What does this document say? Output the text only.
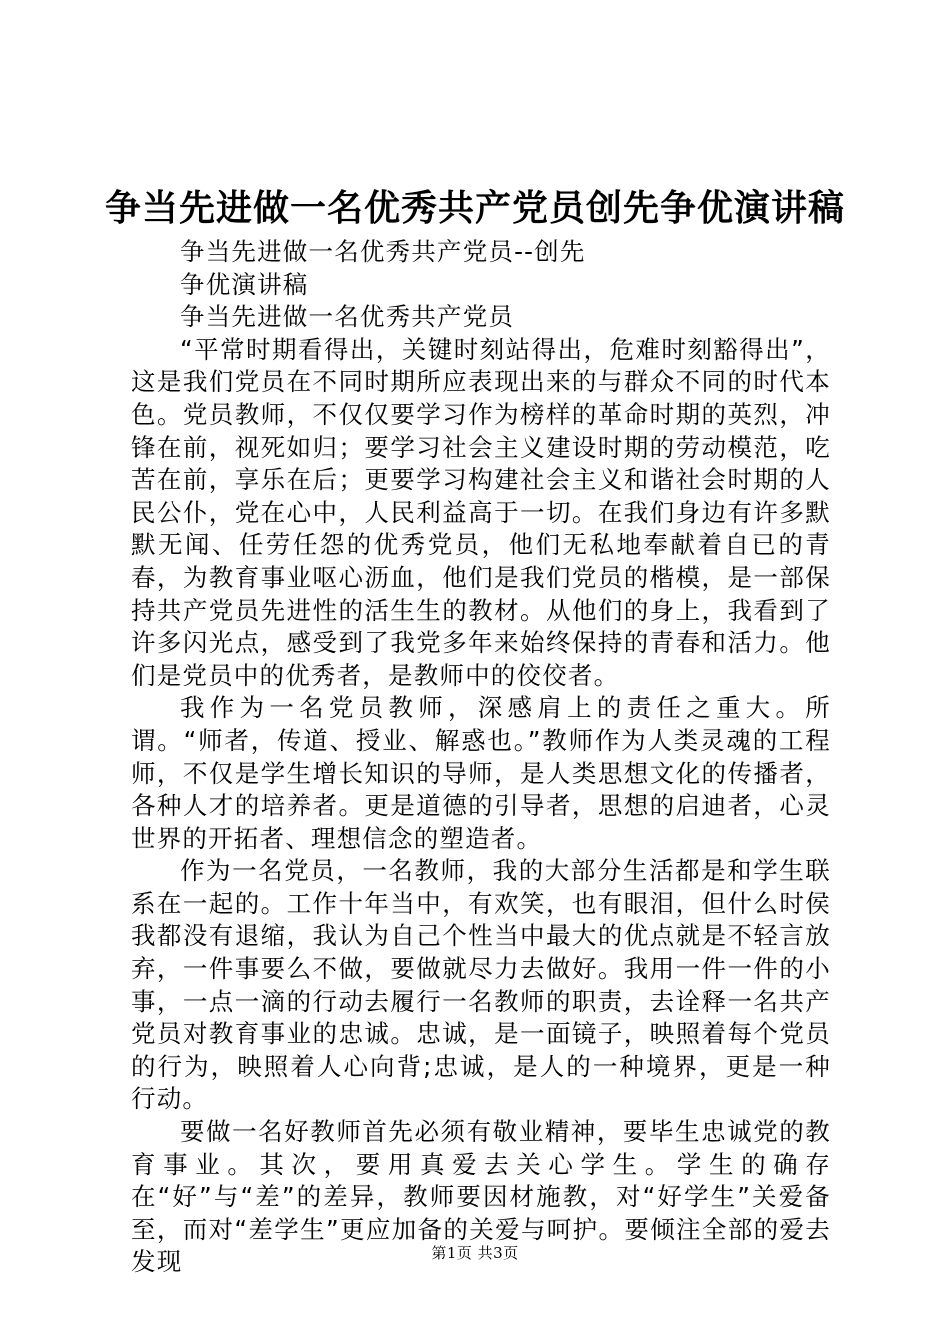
争当先进做一名优秀共产党员创先争优演讲稿

争当先进做一名优秀共产党员--创先

争优演讲稿

争当先进做一名优秀共产党员

“平常时期看得出，关键时刻站得出，危难时刻豁得出”，这是我们党员在不同时期所应表现出来的与群众不同的时代本色。党员教师，不仅仅要学习作为榜样的革命时期的英烈，冲锋在前，视死如归；要学习社会主义建设时期的劳动模范，吃苦在前，享乐在后；更要学习构建社会主义和谐社会时期的人民公仆，党在心中，人民利益高于一切。在我们身边有许多默默无闻、任劳任怨的优秀党员，他们无私地奉献着自已的青春，为教育事业呕心沥血，他们是我们党员的楷模，是一部保持共产党员先进性的活生生的教材。从他们的身上，我看到了许多闪光点，感受到了我党多年来始终保持的青春和活力。他们是党员中的优秀者，是教师中的佼佼者。

我作为一名党员教师，深感肩上的责任之重大。所谓。“师者，传道、授业、解惑也。”教师作为人类灵魂的工程师，不仅是学生增长知识的导师，是人类思想文化的传播者，各种人才的培养者。更是道德的引导者，思想的启迪者，心灵世界的开拓者、理想信念的塑造者。

作为一名党员，一名教师，我的大部分生活都是和学生联系在一起的。工作十年当中，有欢笑，也有眼泪，但什么时侯我都没有退缩，我认为自己个性当中最大的优点就是不轻言放弃，一件事要么不做，要做就尽力去做好。我用一件一件的小事，一点一滴的行动去履行一名教师的职责，去诠释一名共产党员对教育事业的忠诚。忠诚，是一面镜子，映照着每个党员的行为，映照着人心向背;忠诚，是人的一种境界，更是一种行动。

要做一名好教师首先必须有敬业精神，要毕生忠诚党的教育事业。其次，要用真爱去关心学生。学生的确存在“好”与“差”的差异，教师要因材施教，对“好学生”关爱备至，而对“差学生”更应加备的关爱与呵护。要倾注全部的爱去发现	第1页 共3页
